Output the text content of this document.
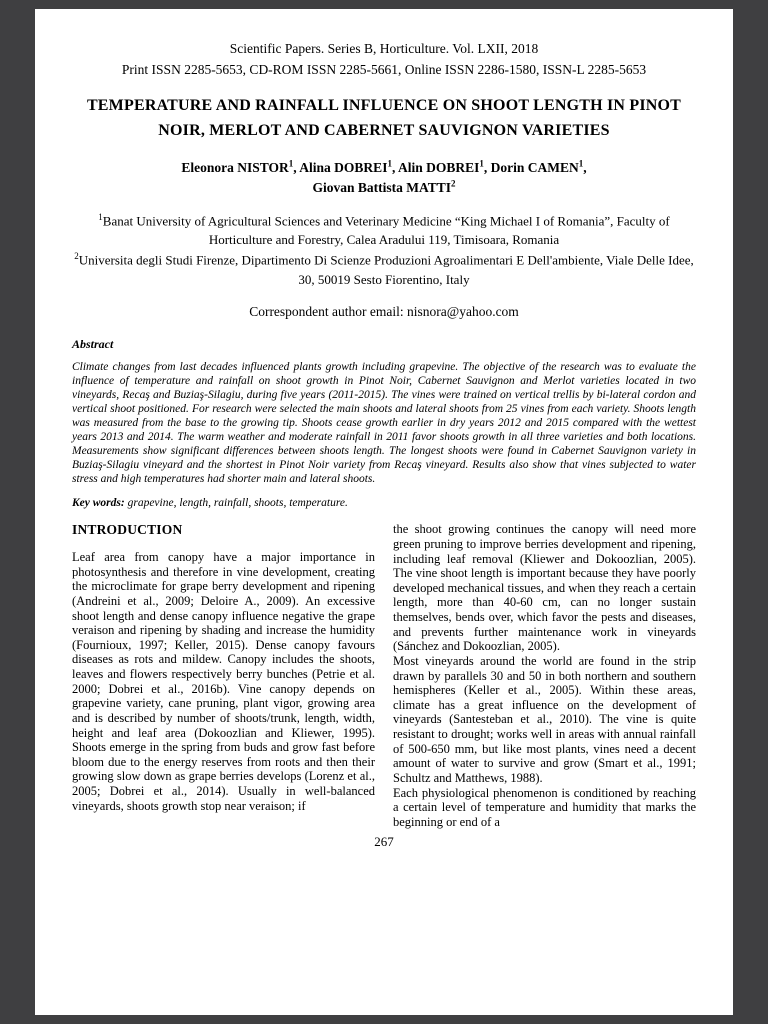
Scientific Papers. Series B, Horticulture. Vol. LXII, 2018
Print ISSN 2285-5653, CD-ROM ISSN 2285-5661, Online ISSN 2286-1580, ISSN-L 2285-5653
TEMPERATURE AND RAINFALL INFLUENCE ON SHOOT LENGTH IN PINOT NOIR, MERLOT AND CABERNET SAUVIGNON VARIETIES
Eleonora NISTOR$^1$, Alina DOBREI$^1$, Alin DOBREI$^1$, Dorin CAMEN$^1$,
Giovan Battista MATTI$^2$
$^1$Banat University of Agricultural Sciences and Veterinary Medicine “King Michael I of Romania”, Faculty of Horticulture and Forestry, Calea Aradului 119, Timisoara, Romania
$^2$Universita degli Studi Firenze, Dipartimento Di Scienze Produzioni Agroalimentari E Dell'ambiente, Viale Delle Idee, 30, 50019 Sesto Fiorentino, Italy
Correspondent author email: nisnora@yahoo.com
Abstract
Climate changes from last decades influenced plants growth including grapevine. The objective of the research was to evaluate the influence of temperature and rainfall on shoot growth in Pinot Noir, Cabernet Sauvignon and Merlot varieties located in two vineyards, Recaş and Buziaş-Silagiu, during five years (2011-2015). The vines were trained on vertical trellis by bi-lateral cordon and vertical shoot positioned. For research were selected the main shoots and lateral shoots from 25 vines from each variety. Shoots length was measured from the base to the growing tip. Shoots cease growth earlier in dry years 2012 and 2015 compared with the wettest years 2013 and 2014. The warm weather and moderate rainfall in 2011 favor shoots growth in all three varieties and both locations. Measurements show significant differences between shoots length. The longest shoots were found in Cabernet Sauvignon variety in Buziaş-Silagiu vineyard and the shortest in Pinot Noir variety from Recaş vineyard. Results also show that vines subjected to water stress and high temperatures had shorter main and lateral shoots.
Key words: grapevine, length, rainfall, shoots, temperature.
INTRODUCTION

Leaf area from canopy have a major importance in photosynthesis and therefore in vine development, creating the microclimate for grape berry development and ripening (Andreini et al., 2009; Deloire A., 2009). An excessive shoot length and dense canopy influence negative the grape veraison and ripening by shading and increase the humidity (Fournioux, 1997; Keller, 2015). Dense canopy favours diseases as rots and mildew. Canopy includes the shoots, leaves and flowers respectively berry bunches (Petrie et al. 2000; Dobrei et al., 2016b). Vine canopy depends on grapevine variety, cane pruning, plant vigor, growing area and is described by number of shoots/trunk, length, width, height and leaf area (Dokoozlian and Kliewer, 1995). Shoots emerge in the spring from buds and grow fast before bloom due to the energy reserves from roots and then their growing slow down as grape berries develops (Lorenz et al., 2005; Dobrei et al., 2014). Usually in well-balanced vineyards, shoots growth stop near veraison; if

the shoot growing continues the canopy will need more green pruning to improve berries development and ripening, including leaf removal (Kliewer and Dokoozlian, 2005). The vine shoot length is important because they have poorly developed mechanical tissues, and when they reach a certain length, more than 40-60 cm, can no longer sustain themselves, bends over, which favor the pests and diseases, and prevents further maintenance work in vineyards (Sánchez and Dokoozlian, 2005).

Most vineyards around the world are found in the strip drawn by parallels 30 and 50 in both northern and southern hemispheres (Keller et al., 2005). Within these areas, climate has a great influence on the development of vineyards (Santesteban et al., 2010). The vine is quite resistant to drought; works well in areas with annual rainfall of 500-650 mm, but like most plants, vines need a decent amount of water to survive and grow (Smart et al., 1991; Schultz and Matthews, 1988).

Each physiological phenomenon is conditioned by reaching a certain level of temperature and humidity that marks the beginning or end of a

267
